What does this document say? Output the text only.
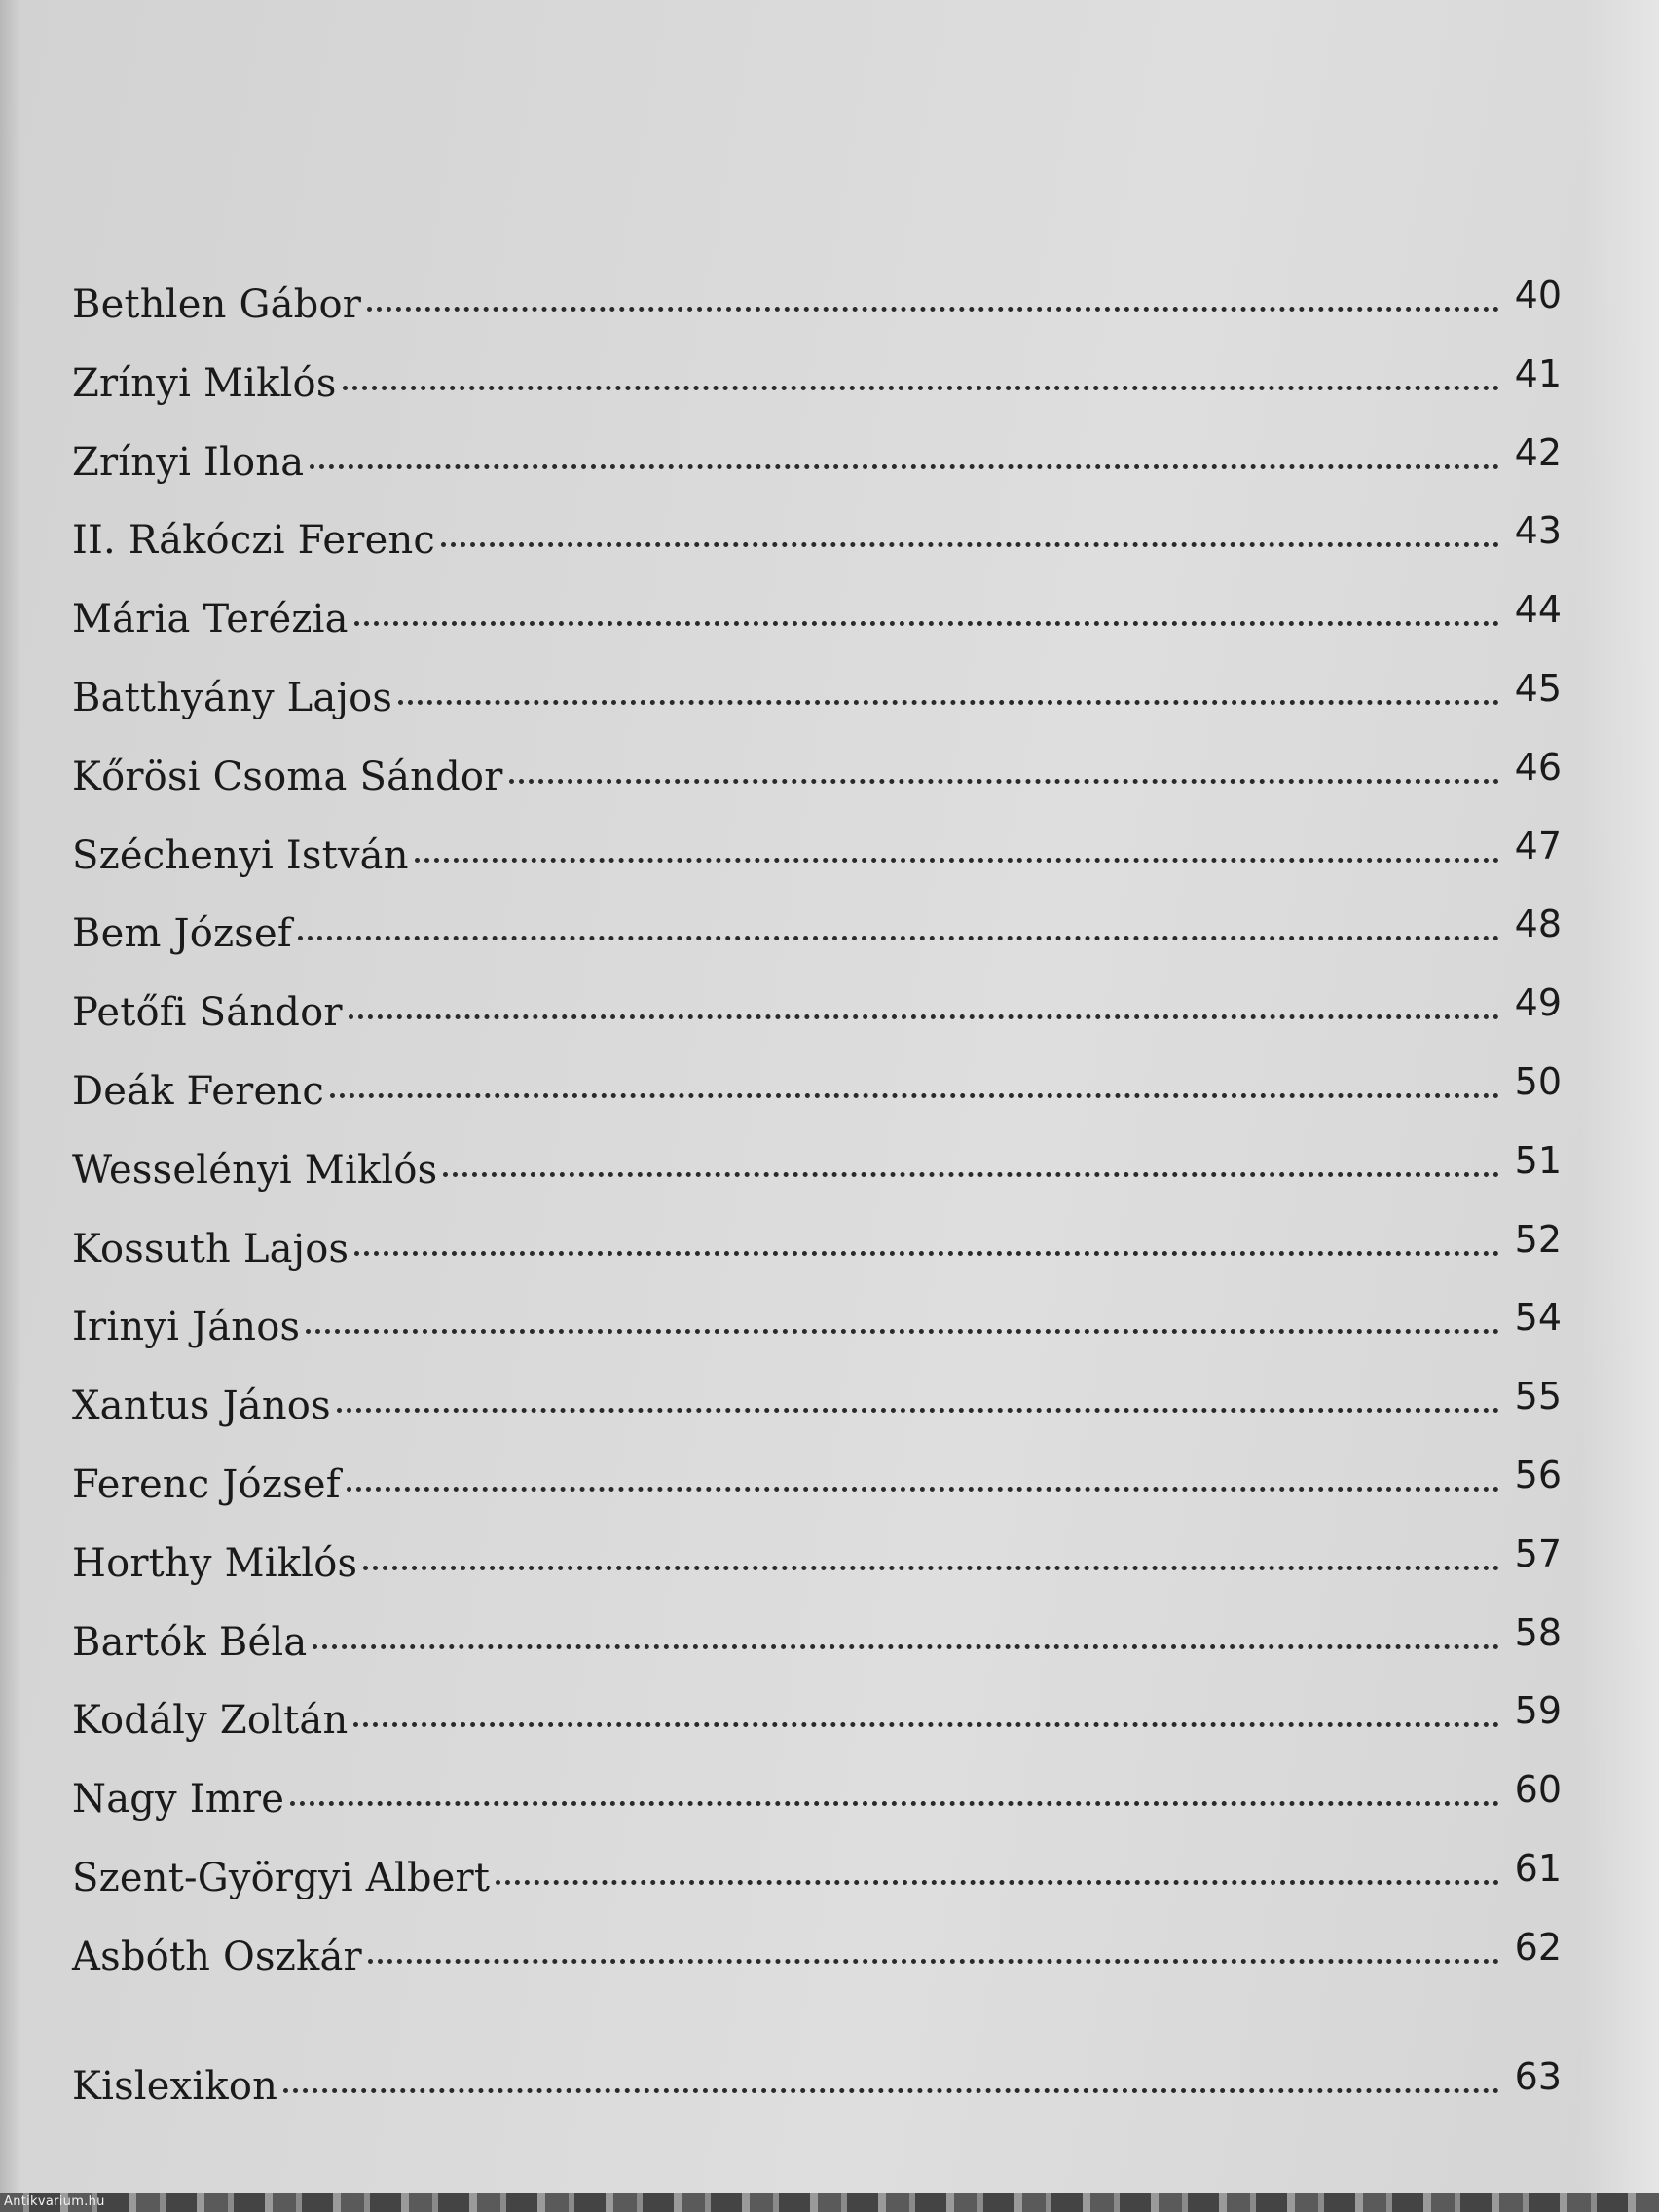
Bethlen Gábor	40
Zrínyi Miklós	41
Zrínyi Ilona	42
II. Rákóczi Ferenc	43
Mária Terézia	44
Batthyány Lajos	45
Kőrösi Csoma Sándor	46
Széchenyi István	47
Bem József	48
Petőfi Sándor	49
Deák Ferenc	50
Wesselényi Miklós	51
Kossuth Lajos	52
Irinyi János	54
Xantus János	55
Ferenc József	56
Horthy Miklós	57
Bartók Béla	58
Kodály Zoltán	59
Nagy Imre	60
Szent-Györgyi Albert	61
Asbóth Oszkár	62
Kislexikon	63
Antikvarium.hu
